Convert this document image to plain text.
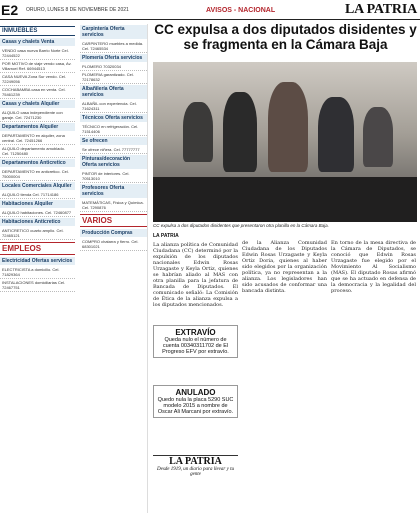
E2 ORURO, LUNES 8 DE NOVIEMBRE DE 2021	AVISOS - NACIONAL	LA PATRIA
INMUEBLES
Casas y chalets Venta
VENDO casa nueva Barrio Norte Cel. 72444522
POR MOTIVO de viaje vendo casa, Av. Villarroel Ref. 66944513
CASA NUEVA Zona Sur vendo. Cel. 72249056
COCHABAMBA casa en venta. Cel. 75461239
Casas y chalets Alquiler
ALQUILO casa independiente con garaje. Cel. 72471230
Departamentos Alquiler
DEPARTAMENTO en alquiler, zona central. Cel. 72451266
ALQUILO departamento amoblado. Cel. 71250480
Departamentos Anticretico
DEPARTAMENTO en anticretico. Cel. 75000004
Locales Comerciales Alquiler
ALQUILO tienda Cel. 71714186
Habitaciones Alquiler
ALQUILO habitaciones. Cel. 72460877
Habitaciones Anticretico
ANTICRETICO cuarto amplio. Cel. 72465121
EMPLEOS
Electricidad Ofertas servicios
ELECTRICISTA a domicilio. Cel. 71829364
INSTALACIONES domiciliarias Cel. 72467751
Carpintería Oferta servicios
CARPINTERO muebles a medida. Cel. 72465534
Plomería Oferta servicios
PLOMERO 70320034
PLOMERIA garantizado. Cel. 72178632
Albañilería Oferta servicios
ALBAÑIL con experiencia. Cel. 71624311
Técnicos Oferta servicios
TÉCNICO en refrigeración. Cel. 71514406
Se ofrecen
Se ofrece niñera. Cel. 77777777
Pinturas/decoración Oferta servicios
PINTOR de interiores. Cel. 70513010
Profesores Oferta servicios
MATEMÁTICAS, Física y Química. Cel. 7290876
VARIOS
Producción Compras
COMPRO chatarra y fierro. Cel. 68301021
CC expulsa a dos diputados disidentes y se fragmenta en la Cámara Baja
CC expulsa a dos diputados disidentes que presentaron otra planilla en la Cámara Baja.
LA PATRIA
La alianza política de Comunidad Ciudadana (CC) determinó por la expulsión de los diputados nacionales Edwin Rosas Urzagaste y Keyla Ortiz, quienes se habrían aliado al MAS con otra planilla para la jefatura de Bancada de Diputados. El comunicado señaló: La Comisión de Ética de la alianza expulsa a los diputados mencionados.
de la Alianza Comunidad Ciudadana de los Diputados Edwin Rosas Urzagaste y Keyla Ortiz Doria, quienes al haber sido elegidos por la organización política, ya no representan a la alianza. Los legisladores han sido acusados de conformar una bancada distinta.
En torno de la mesa directiva de la Cámara de Diputados, se conoció que Edwin Rosas Urzagaste fue elegido por el Movimiento Al Socialismo (MAS). El diputado Rosas afirmó que se ha actuado en defensa de la democracia y la legalidad del proceso.
EXTRAVÍO

Queda nulo el número de cuenta 00340311702 de El Progreso EFV por extravío.

ANULADO

Quedo nula la placa 5290 SUC modelo 2015 a nombre de Oscar Ali Marcani por extravío.

LA PATRIA
Desde 1919, un diario para llevar y tu gente
